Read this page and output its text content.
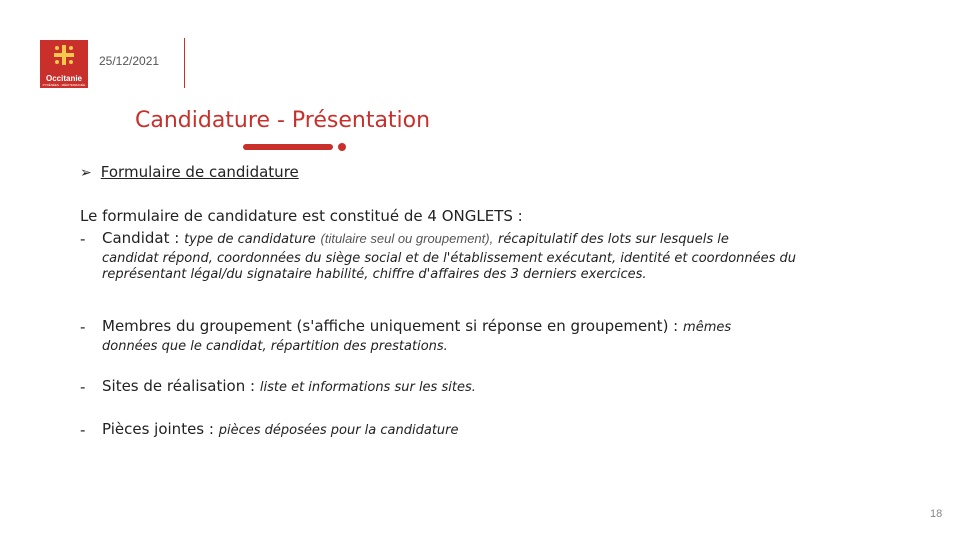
Occitanie
PYRÉNÉES - MÉDITERRANÉE
25/12/2021
Candidature - Présentation
➢ Formulaire de candidature
Le formulaire de candidature est constitué de 4 ONGLETS :
- Candidat : type de candidature (titulaire seul ou groupement), récapitulatif des lots sur lesquels le
candidat répond, coordonnées du siège social et de l'établissement exécutant, identité et coordonnées du représentant légal/du signataire habilité, chiffre d'affaires des 3 derniers exercices.
- Membres du groupement (s'affiche uniquement si réponse en groupement) : mêmes
données que le candidat, répartition des prestations.
- Sites de réalisation : liste et informations sur les sites.
- Pièces jointes : pièces déposées pour la candidature
18
